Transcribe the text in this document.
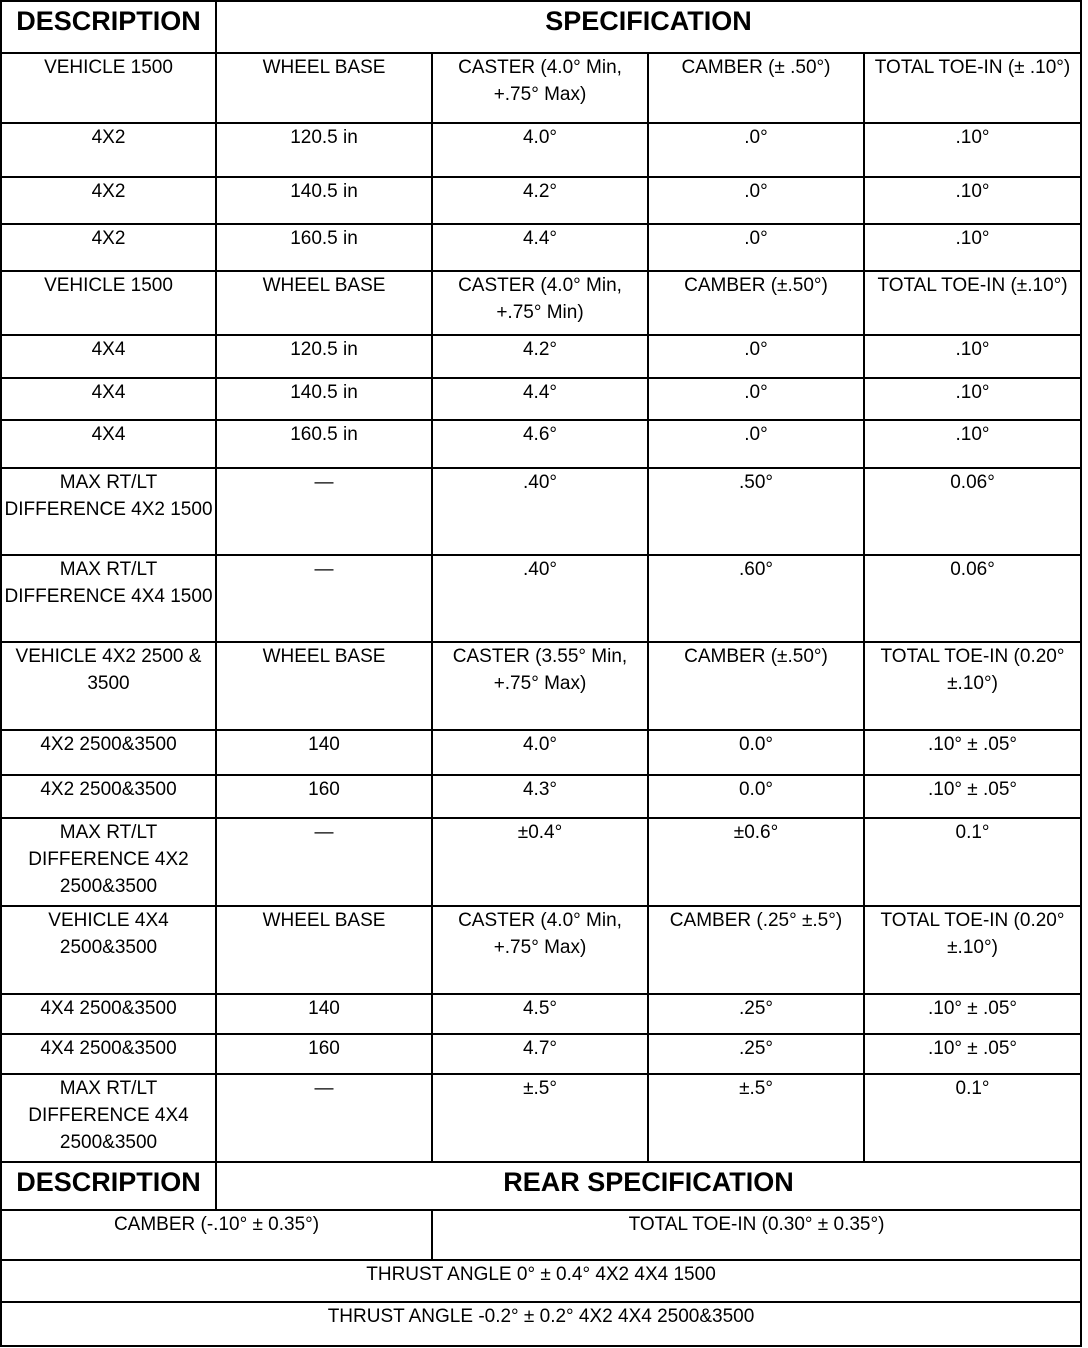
DESCRIPTION	SPECIFICATION			
VEHICLE 1500	WHEEL BASE	CASTER (4.0° Min, +.75° Max)	CAMBER (± .50°)	TOTAL TOE-IN (± .10°)
4X2	120.5 in	4.0°	.0°	.10°
4X2	140.5 in	4.2°	.0°	.10°
4X2	160.5 in	4.4°	.0°	.10°
VEHICLE 1500	WHEEL BASE	CASTER (4.0° Min, +.75° Min)	CAMBER (±.50°)	TOTAL TOE-IN (±.10°)
4X4	120.5 in	4.2°	.0°	.10°
4X4	140.5 in	4.4°	.0°	.10°
4X4	160.5 in	4.6°	.0°	.10°
MAX RT/LT DIFFERENCE 4X2 1500	—	.40°	.50°	0.06°
MAX RT/LT DIFFERENCE 4X4 1500	—	.40°	.60°	0.06°
VEHICLE 4X2 2500 & 3500	WHEEL BASE	CASTER (3.55° Min, +.75° Max)	CAMBER (±.50°)	TOTAL TOE-IN (0.20° ±.10°)
4X2 2500&3500	140	4.0°	0.0°	.10° ± .05°
4X2 2500&3500	160	4.3°	0.0°	.10° ± .05°
MAX RT/LT DIFFERENCE 4X2 2500&3500	—	±0.4°	±0.6°	0.1°
VEHICLE 4X4 2500&3500	WHEEL BASE	CASTER (4.0° Min, +.75° Max)	CAMBER (.25° ±.5°)	TOTAL TOE-IN (0.20° ±.10°)
4X4 2500&3500	140	4.5°	.25°	.10° ± .05°
4X4 2500&3500	160	4.7°	.25°	.10° ± .05°
MAX RT/LT DIFFERENCE 4X4 2500&3500	—	±.5°	±.5°	0.1°
DESCRIPTION	REAR SPECIFICATION			
CAMBER (-.10° ± 0.35°)		TOTAL TOE-IN (0.30° ± 0.35°)		
THRUST ANGLE 0° ± 0.4° 4X2 4X4 1500				
THRUST ANGLE -0.2° ± 0.2° 4X2 4X4 2500&3500				
